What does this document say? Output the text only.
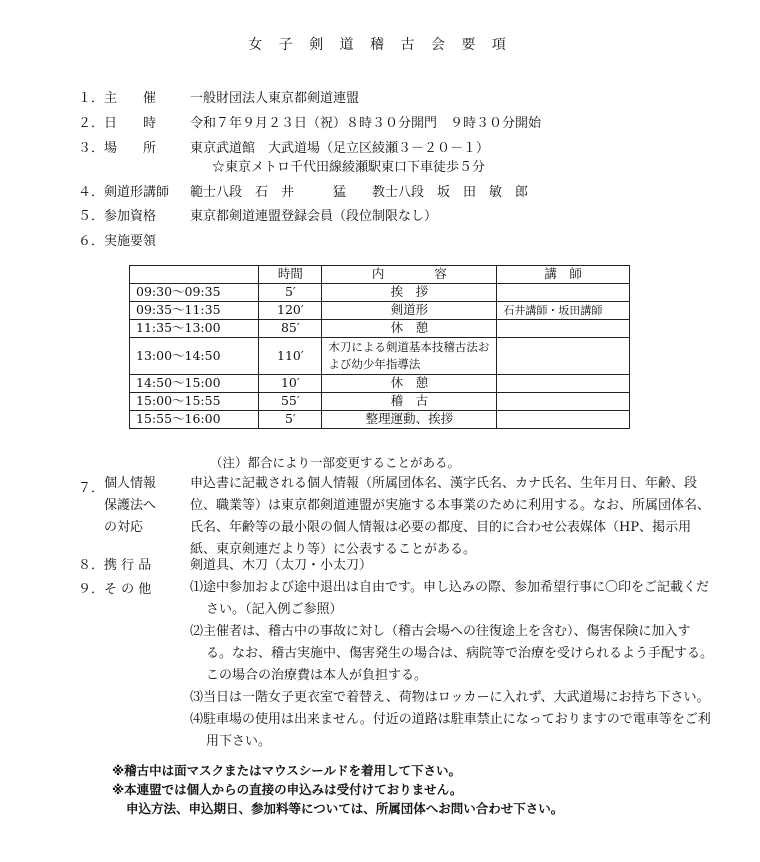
女 子 剣 道 稽 古 会 要 項
１． 主　　催	一般財団法人東京都剣道連盟
２． 日　　時	令和７年９月２３日（祝）８時３０分開門　９時３０分開始
３． 場　　所	東京武道館　大武道場（足立区綾瀬３－２０－１）
☆東京メトロ千代田線綾瀬駅東口下車徒歩５分
４． 剣道形講師	範士八段　石　井　　　猛　　教士八段　坂　田　敏　郎
５． 参加資格	東京都剣道連盟登録会員（段位制限なし）
６． 実施要領
	時間	内　　　　容	講　師
09:30～09:35	5′	挨　拶	
09:35～11:35	120′	剣道形	石井講師・坂田講師
11:35～13:00	85′	休　憩	
13:00～14:50	110′	木刀による剣道基本技稽古法および幼少年指導法	
14:50～15:00	10′	休　憩	
15:00～15:55	55′	稽　古	
15:55～16:00	5′	整理運動、挨拶	
（注）都合により一部変更することがある。
７． 個人情報
保護法へ
の対応
申込書に記載される個人情報（所属団体名、漢字氏名、カナ氏名、生年月日、年齢、段位、職業等）は東京都剣道連盟が実施する本事業のために利用する。なお、所属団体名、氏名、年齢等の最小限の個人情報は必要の都度、目的に合わせ公表媒体（HP、掲示用紙、東京剣連だより等）に公表することがある。
８． 携 行 品	剣道具、木刀（太刀・小太刀）
９． そ の 他	⑴途中参加および途中退出は自由です。申し込みの際、参加希望行事に〇印をご記載ください。（記入例ご参照）
⑵主催者は、稽古中の事故に対し（稽古会場への往復途上を含む）、傷害保険に加入する。なお、稽古実施中、傷害発生の場合は、病院等で治療を受けられるよう手配する。この場合の治療費は本人が負担する。
⑶当日は一階女子更衣室で着替え、荷物はロッカーに入れず、大武道場にお持ち下さい。
⑷駐車場の使用は出来ません。付近の道路は駐車禁止になっておりますので電車等をご利用下さい。
※稽古中は面マスクまたはマウスシールドを着用して下さい。
※本連盟では個人からの直接の申込みは受付けておりません。
申込方法、申込期日、参加料等については、所属団体へお問い合わせ下さい。
